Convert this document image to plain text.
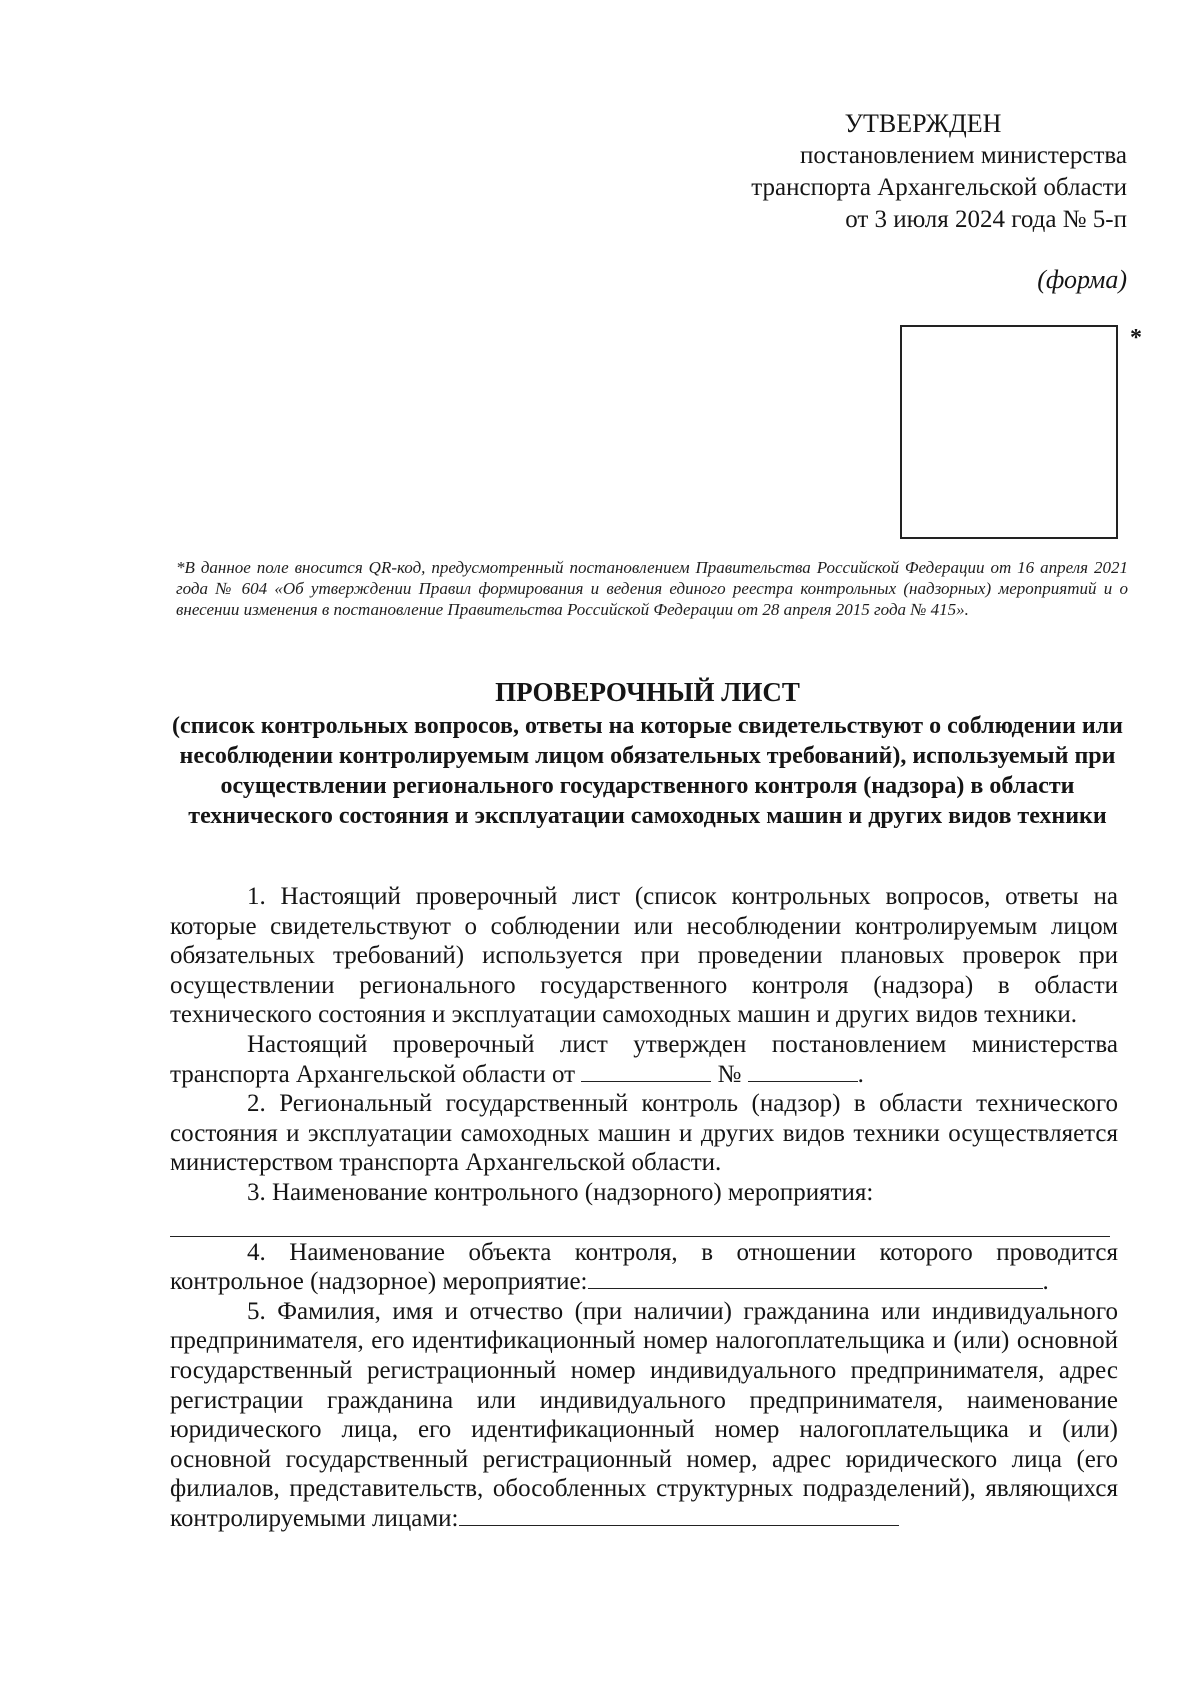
УТВЕРЖДЕН
постановлением министерства
транспорта Архангельской области
от 3 июля 2024 года № 5-п
(форма)
*
*В данное поле вносится QR-код, предусмотренный постановлением Правительства Российской Федерации от 16 апреля 2021 года № 604 «Об утверждении Правил формирования и ведения единого реестра контрольных (надзорных) мероприятий и о внесении изменения в постановление Правительства Российской Федерации от 28 апреля 2015 года № 415».
ПРОВЕРОЧНЫЙ ЛИСТ
(список контрольных вопросов, ответы на которые свидетельствуют о соблюдении или несоблюдении контролируемым лицом обязательных требований), используемый при осуществлении регионального государственного контроля (надзора) в области технического состояния и эксплуатации самоходных машин и других видов техники

1. Настоящий проверочный лист (список контрольных вопросов, ответы на которые свидетельствуют о соблюдении или несоблюдении контролируемым лицом обязательных требований) используется при проведении плановых проверок при осуществлении регионального государственного контроля (надзора) в области технического состояния и эксплуатации самоходных машин и других видов техники.

Настоящий проверочный лист утвержден постановлением министерства транспорта Архангельской области от	№	.

2. Региональный государственный контроль (надзор) в области технического состояния и эксплуатации самоходных машин и других видов техники осуществляется министерством транспорта Архангельской области.

3. Наименование контрольного (надзорного) мероприятия:

4. Наименование объекта контроля, в отношении которого проводится контрольное (надзорное) мероприятие:	.

5. Фамилия, имя и отчество (при наличии) гражданина или индивидуального предпринимателя, его идентификационный номер налогоплательщика и (или) основной государственный регистрационный номер индивидуального предпринимателя, адрес регистрации гражданина или индивидуального предпринимателя, наименование юридического лица, его идентификационный номер налогоплательщика и (или) основной государственный регистрационный номер, адрес юридического лица (его филиалов, представительств, обособленных структурных подразделений), являющихся контролируемыми лицами:
